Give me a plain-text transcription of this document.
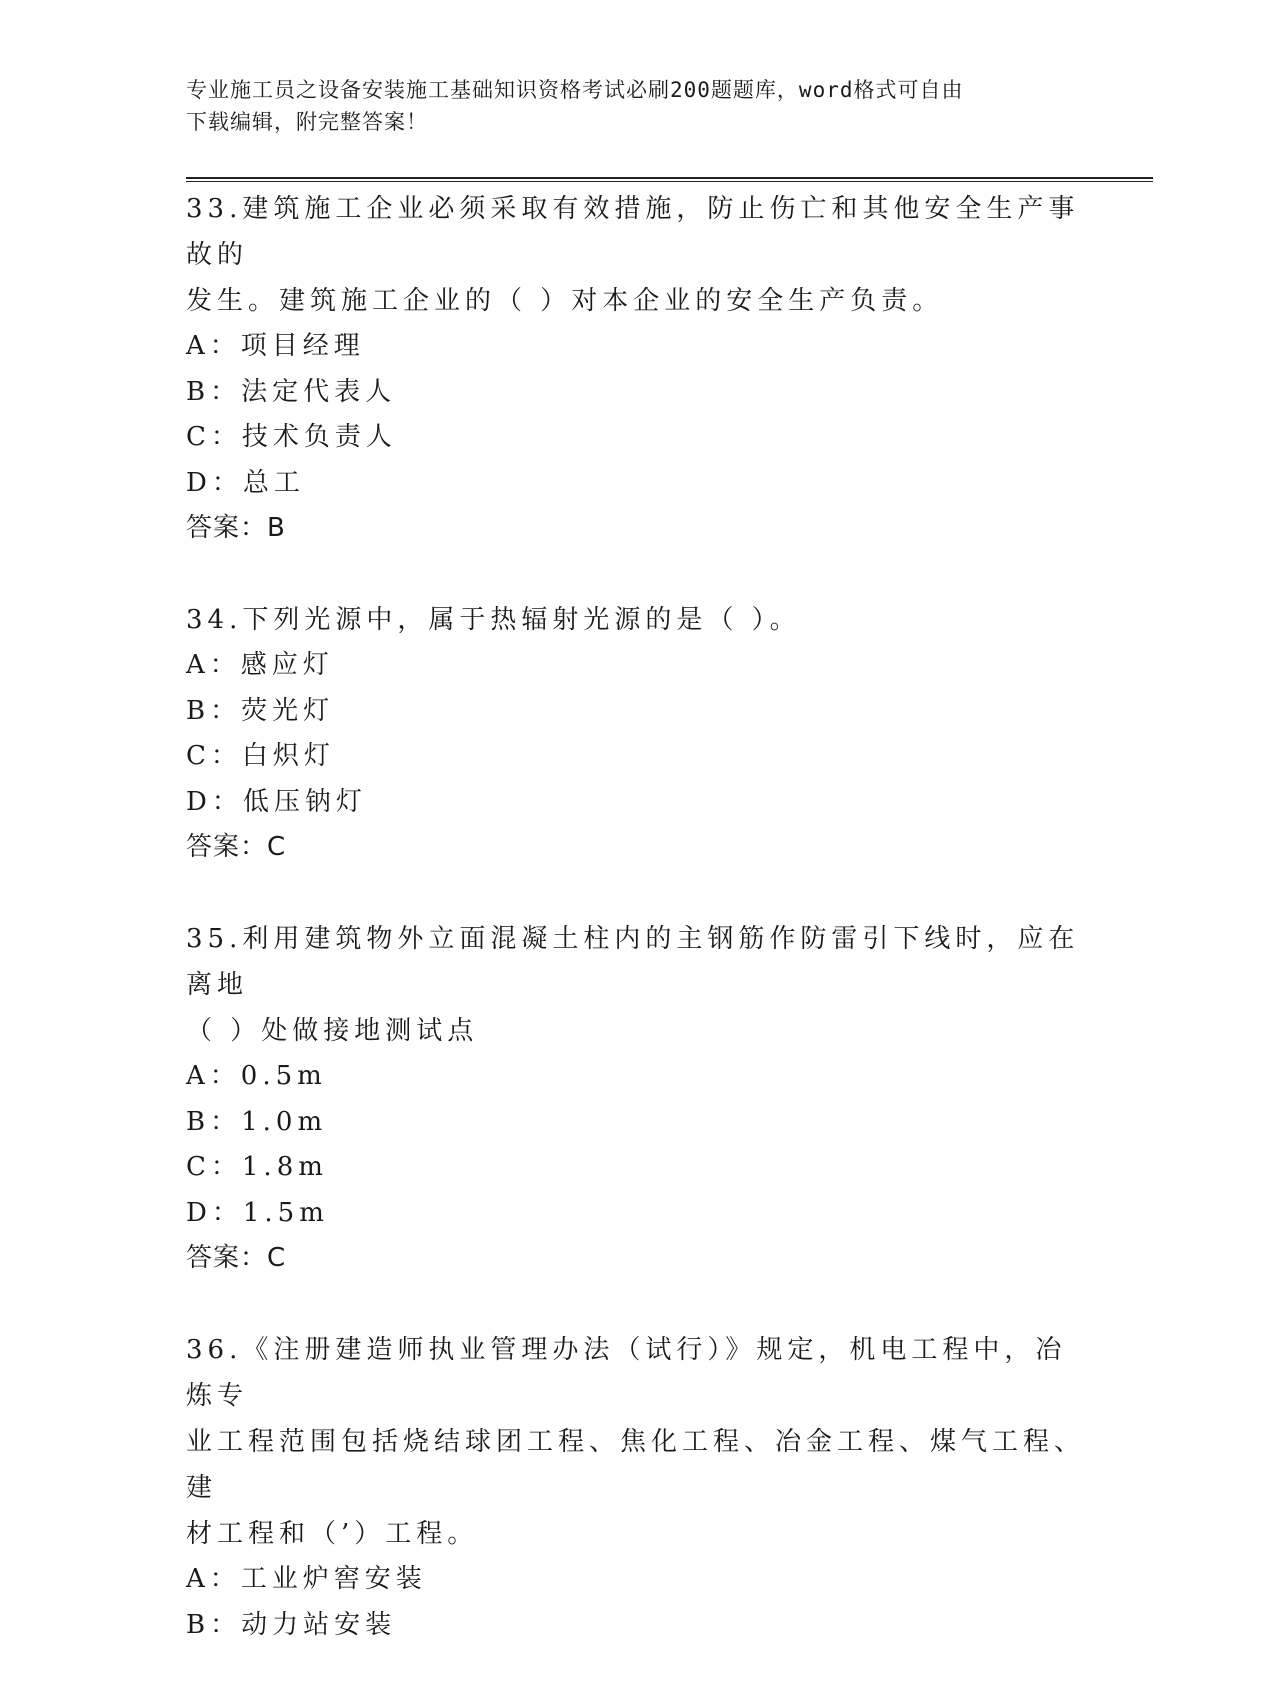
专业施工员之设备安装施工基础知识资格考试必刷200题题库，word格式可自由
下载编辑，附完整答案！

33.建筑施工企业必须采取有效措施，防止伤亡和其他安全生产事故的

发生。建筑施工企业的（ ）对本企业的安全生产负责。

A：项目经理

B：法定代表人

C：技术负责人

D：总工

答案：B

34.下列光源中，属于热辐射光源的是（ ）。

A：感应灯

B：荧光灯

C：白炽灯

D：低压钠灯

答案：C

35.利用建筑物外立面混凝土柱内的主钢筋作防雷引下线时，应在离地

（ ）处做接地测试点

A：0.5m

B：1.0m

C：1.8m

D：1.5m

答案：C

36.《注册建造师执业管理办法（试行）》规定，机电工程中，冶炼专

业工程范围包括烧结球团工程、焦化工程、冶金工程、煤气工程、建

材工程和（’）工程。

A：工业炉窖安装

B：动力站安装
